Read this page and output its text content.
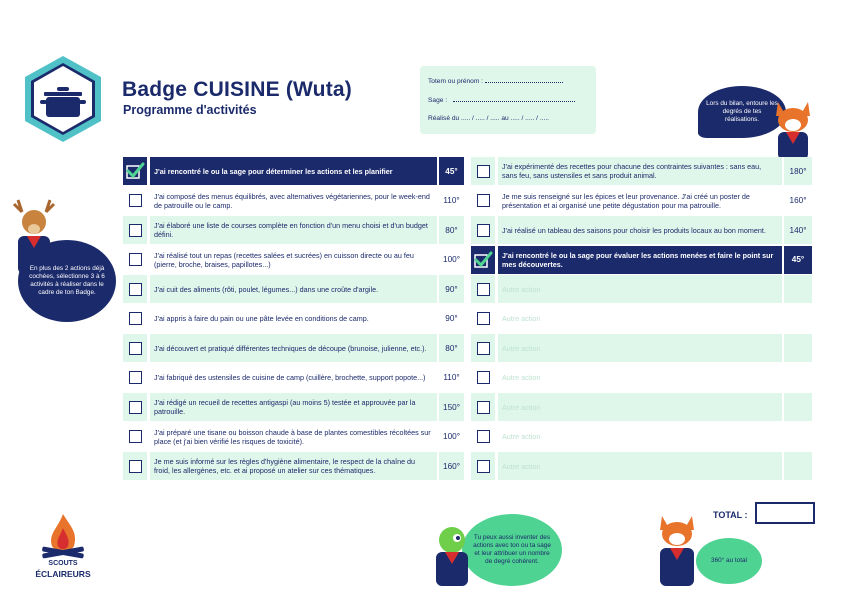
Badge CUISINE (Wuta)
Programme d'activités
Totem ou prénom :
Sage :
Réalisé du ..... / ..... / ..... au ..... / ..... / .....
Lors du bilan, entoure les degrés de tes réalisations.
En plus des 2 actions déjà cochées, sélectionne 3 à 6 activités à réaliser dans le cadre de ton Badge.
J'ai rencontré le ou la sage pour déterminer les actions et les planifier	45°
J'ai composé des menus équilibrés, avec alternatives végétariennes, pour le week-end de patrouille ou le camp.	110°
J'ai élaboré une liste de courses complète en fonction d'un menu choisi et d'un budget défini.	80°
J'ai réalisé tout un repas (recettes salées et sucrées) en cuisson directe ou au feu (pierre, broche, braises, papillotes...)	100°
J'ai cuit des aliments (rôti, poulet, légumes...) dans une croûte d'argile.	90°
J'ai appris à faire du pain ou une pâte levée en conditions de camp.	90°
J'ai découvert et pratiqué différentes techniques de découpe (brunoise, julienne, etc.). 80°
J'ai fabriqué des ustensiles de cuisine de camp (cuillère, brochette, support popote...) 110°
J'ai rédigé un recueil de recettes antigaspi (au moins 5) testée et approuvée par la patrouille.	150°
J'ai préparé une tisane ou boisson chaude à base de plantes comestibles récoltées sur place (et j'ai bien vérifié les risques de toxicité).	100°
Je me suis informé sur les règles d'hygiène alimentaire, le respect de la chaîne du froid, les allergènes, etc. et ai proposé un atelier sur ces thématiques.	160°
J'ai expérimenté des recettes pour chacune des contraintes suivantes : sans eau, sans feu, sans ustensiles et sans produit animal.	180°
Je me suis renseigné sur les épices et leur provenance. J'ai créé un poster de présentation et ai organisé une petite dégustation pour ma patrouille.	160°
J'ai réalisé un tableau des saisons pour choisir les produits locaux au bon moment.	140°
J'ai rencontré le ou la sage pour évaluer les actions menées et faire le point sur mes découvertes.	45°
Autre action
Autre action
Autre action
Autre action
Autre action
Autre action
Autre action
TOTAL :
Tu peux aussi inventer des actions avec ton ou ta sage et leur attribuer un nombre de degré cohérent.	360° au total
SCOUTS
ÉCLAIREURS
